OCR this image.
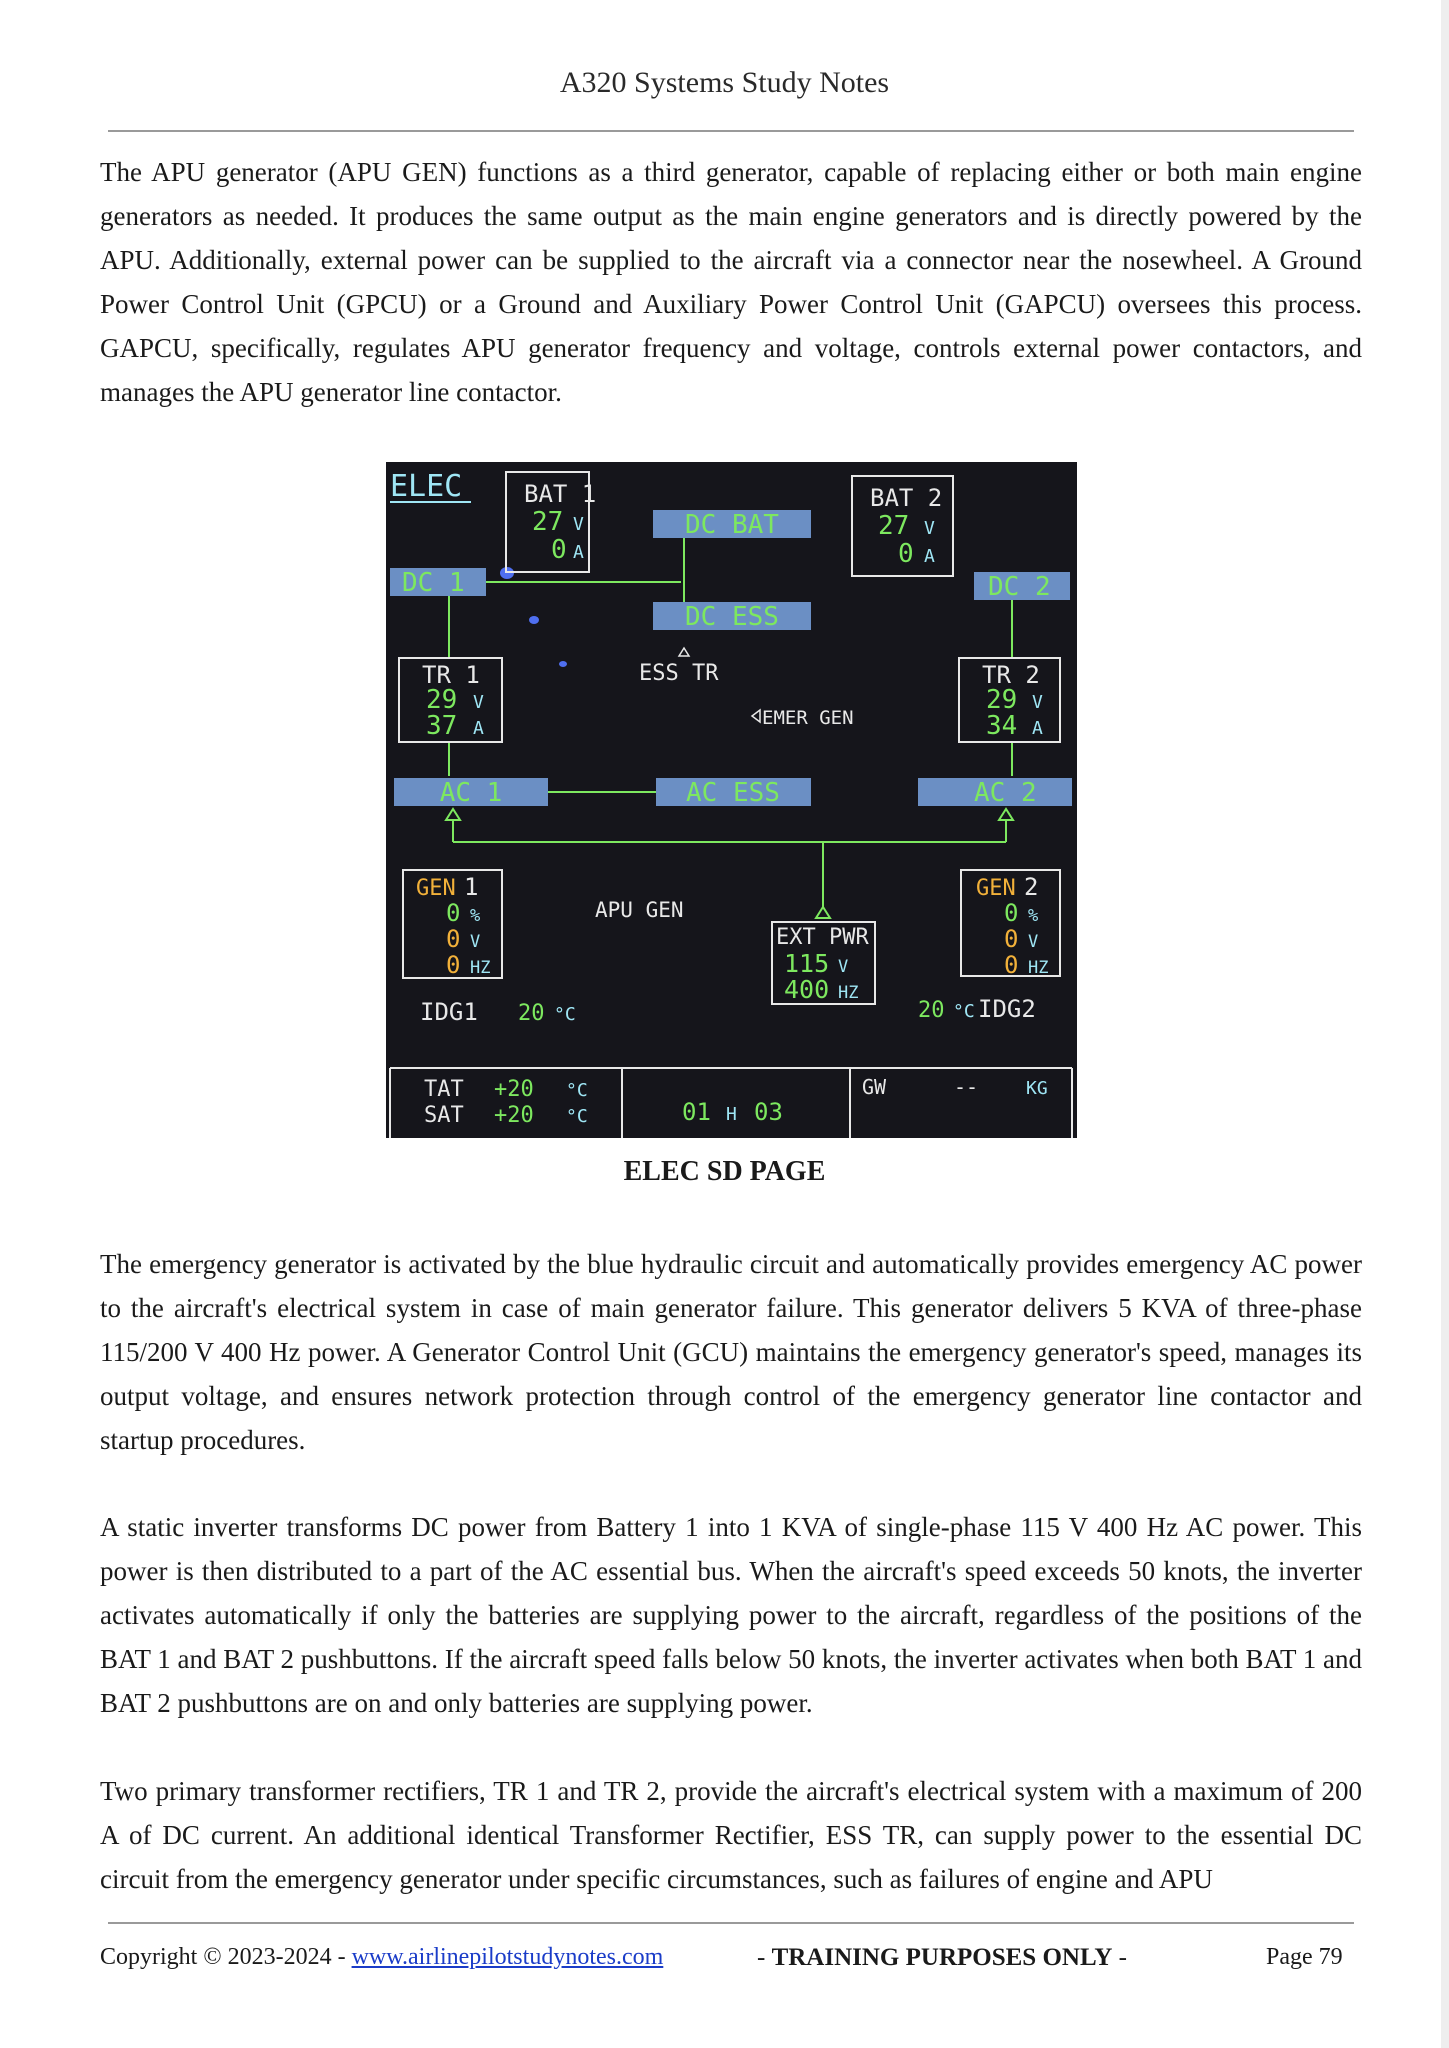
A320 Systems Study Notes

The APU generator (APU GEN) functions as a third generator, capable of replacing either or both main engine generators as needed. It produces the same output as the main engine generators and is directly powered by the APU. Additionally, external power can be supplied to the aircraft via a connector near the nosewheel. A Ground Power Control Unit (GPCU) or a Ground and Auxiliary Power Control Unit (GAPCU) oversees this process. GAPCU, specifically, regulates APU generator frequency and voltage, controls external power contactors, and manages the APU generator line contactor.

ELEC	BAT 1
27 V
0 A
BAT 2
27 V
0 A
DC BAT
DC 1	DC 2
DC ESS
ESS TR
EMER GEN
TR 1
29 V
37 A
TR 2
29 V
34 A
AC 1	AC ESS	AC 2
GEN 1
0 %
0 V
0 HZ
GEN 2
0 %
0 V
0 HZ
APU GEN
EXT PWR
115 V
400 HZ
IDG1 20 °C	20 °C IDG2
TAT +20 °C
SAT +20 °C	01 H 03
GW	--	KG
ELEC SD PAGE

The emergency generator is activated by the blue hydraulic circuit and automatically provides emergency AC power to the aircraft's electrical system in case of main generator failure. This generator delivers 5 KVA of three-phase 115/200 V 400 Hz power. A Generator Control Unit (GCU) maintains the emergency generator's speed, manages its output voltage, and ensures network protection through control of the emergency generator line contactor and startup procedures.

A static inverter transforms DC power from Battery 1 into 1 KVA of single-phase 115 V 400 Hz AC power. This power is then distributed to a part of the AC essential bus. When the aircraft's speed exceeds 50 knots, the inverter activates automatically if only the batteries are supplying power to the aircraft, regardless of the positions of the BAT 1 and BAT 2 pushbuttons. If the aircraft speed falls below 50 knots, the inverter activates when both BAT 1 and BAT 2 pushbuttons are on and only batteries are supplying power.

Two primary transformer rectifiers, TR 1 and TR 2, provide the aircraft's electrical system with a maximum of 200 A of DC current. An additional identical Transformer Rectifier, ESS TR, can supply power to the essential DC circuit from the emergency generator under specific circumstances, such as failures of engine and APU

Copyright © 2023-2024 - www.airlinepilotstudynotes.com	- TRAINING PURPOSES ONLY -	Page 79
